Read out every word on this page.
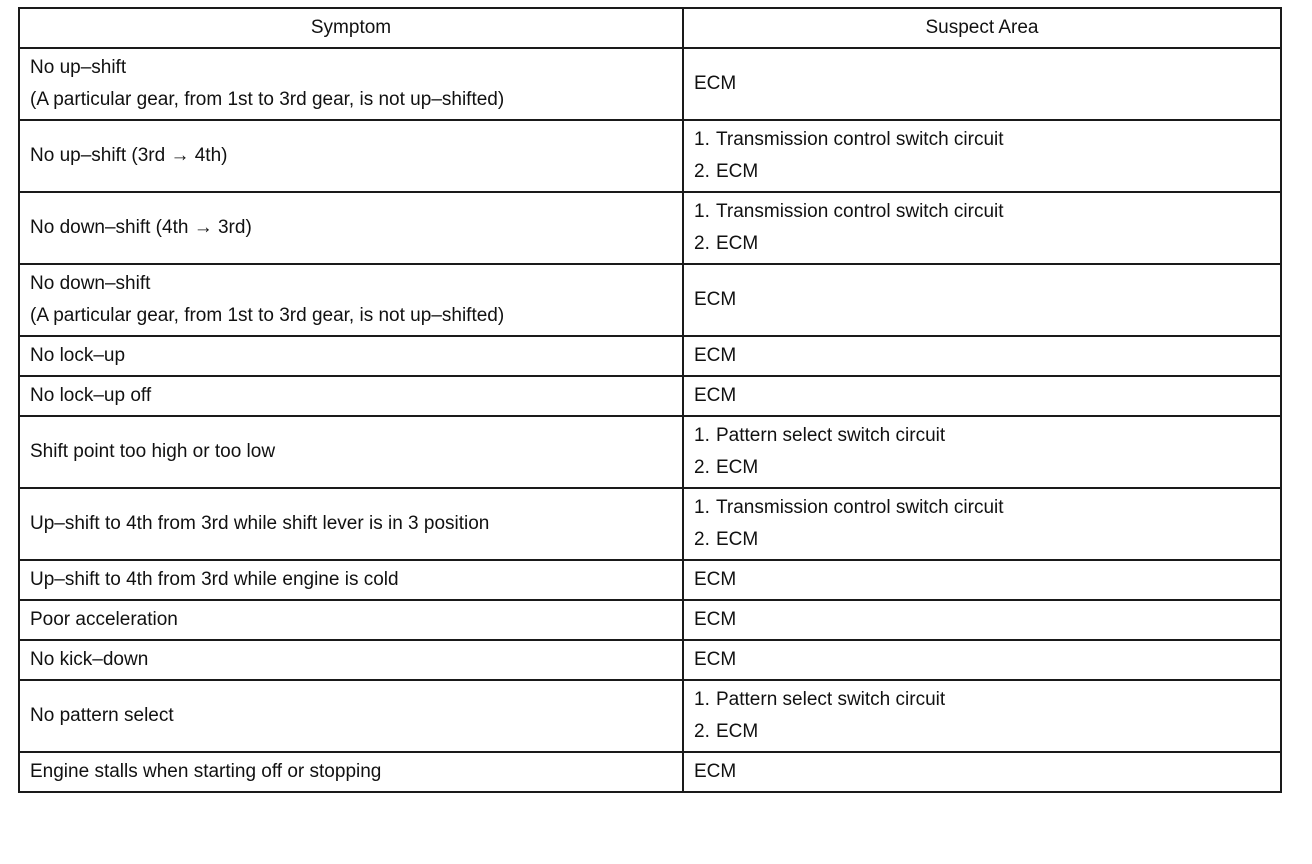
Symptom	Suspect Area

No up–shift
(A particular gear, from 1st to 3rd gear, is not up–shifted)	ECM

No up–shift (3rd → 4th)	1. Transmission control switch circuit
2. ECM

No down–shift (4th → 3rd)	1. Transmission control switch circuit
2. ECM

No down–shift
(A particular gear, from 1st to 3rd gear, is not up–shifted)	ECM

No lock–up	ECM

No lock–up off	ECM

Shift point too high or too low	1. Pattern select switch circuit
2. ECM

Up–shift to 4th from 3rd while shift lever is in 3 position	1. Transmission control switch circuit
2. ECM

Up–shift to 4th from 3rd while engine is cold	ECM

Poor acceleration	ECM

No kick–down	ECM

No pattern select	1. Pattern select switch circuit
2. ECM

Engine stalls when starting off or stopping	ECM
